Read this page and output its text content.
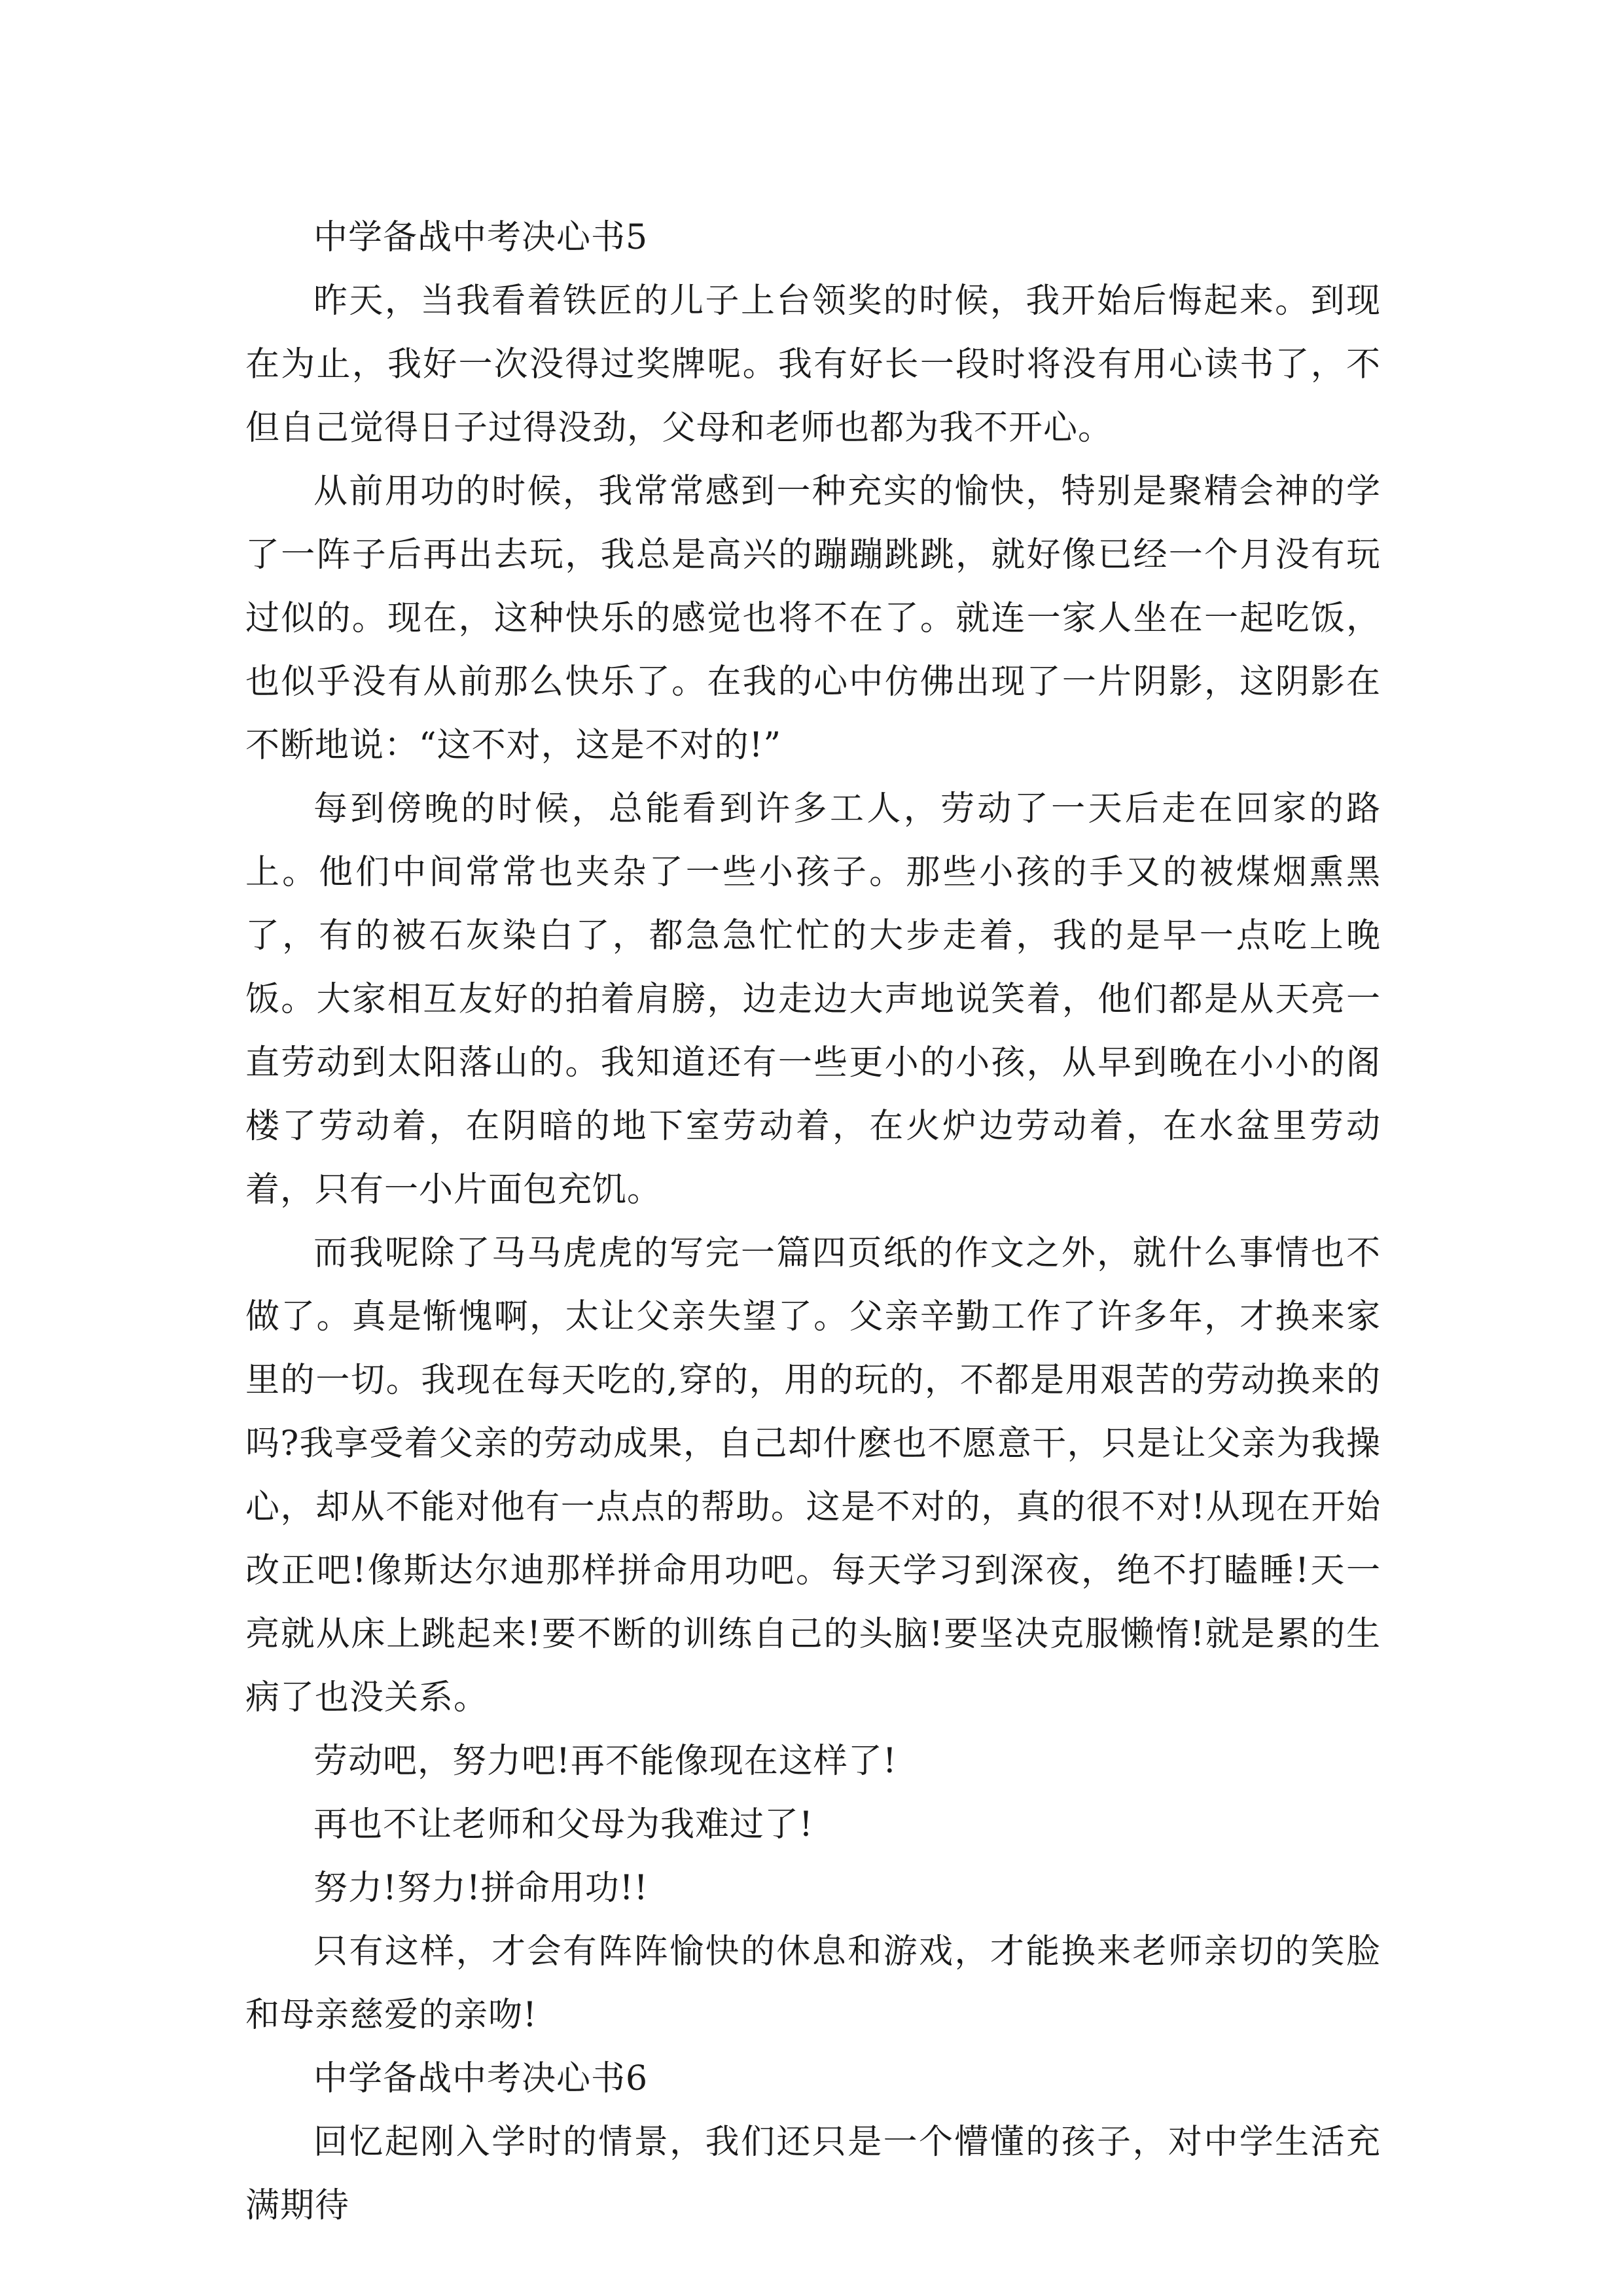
中学备战中考决心书5

昨天，当我看着铁匠的儿子上台领奖的时候，我开始后悔起来。到现在为止，我好一次没得过奖牌呢。我有好长一段时将没有用心读书了，不但自己觉得日子过得没劲，父母和老师也都为我不开心。

从前用功的时候，我常常感到一种充实的愉快，特别是聚精会神的学了一阵子后再出去玩，我总是高兴的蹦蹦跳跳，就好像已经一个月没有玩过似的。现在，这种快乐的感觉也将不在了。就连一家人坐在一起吃饭，也似乎没有从前那么快乐了。在我的心中仿佛出现了一片阴影，这阴影在不断地说：“这不对，这是不对的!”

每到傍晚的时候，总能看到许多工人，劳动了一天后走在回家的路上。他们中间常常也夹杂了一些小孩子。那些小孩的手又的被煤烟熏黑了，有的被石灰染白了，都急急忙忙的大步走着，我的是早一点吃上晚饭。大家相互友好的拍着肩膀，边走边大声地说笑着，他们都是从天亮一直劳动到太阳落山的。我知道还有一些更小的小孩，从早到晚在小小的阁楼了劳动着，在阴暗的地下室劳动着，在火炉边劳动着，在水盆里劳动着，只有一小片面包充饥。

而我呢除了马马虎虎的写完一篇四页纸的作文之外，就什么事情也不做了。真是惭愧啊，太让父亲失望了。父亲辛勤工作了许多年，才换来家里的一切。我现在每天吃的,穿的，用的玩的，不都是用艰苦的劳动换来的吗?我享受着父亲的劳动成果，自己却什麽也不愿意干，只是让父亲为我操心，却从不能对他有一点点的帮助。这是不对的，真的很不对!从现在开始改正吧!像斯达尔迪那样拼命用功吧。每天学习到深夜，绝不打瞌睡!天一亮就从床上跳起来!要不断的训练自己的头脑!要坚决克服懒惰!就是累的生病了也没关系。

劳动吧，努力吧!再不能像现在这样了!

再也不让老师和父母为我难过了!

努力!努力!拼命用功!!

只有这样，才会有阵阵愉快的休息和游戏，才能换来老师亲切的笑脸和母亲慈爱的亲吻!

中学备战中考决心书6

回忆起刚入学时的情景，我们还只是一个懵懂的孩子，对中学生活充满期待
